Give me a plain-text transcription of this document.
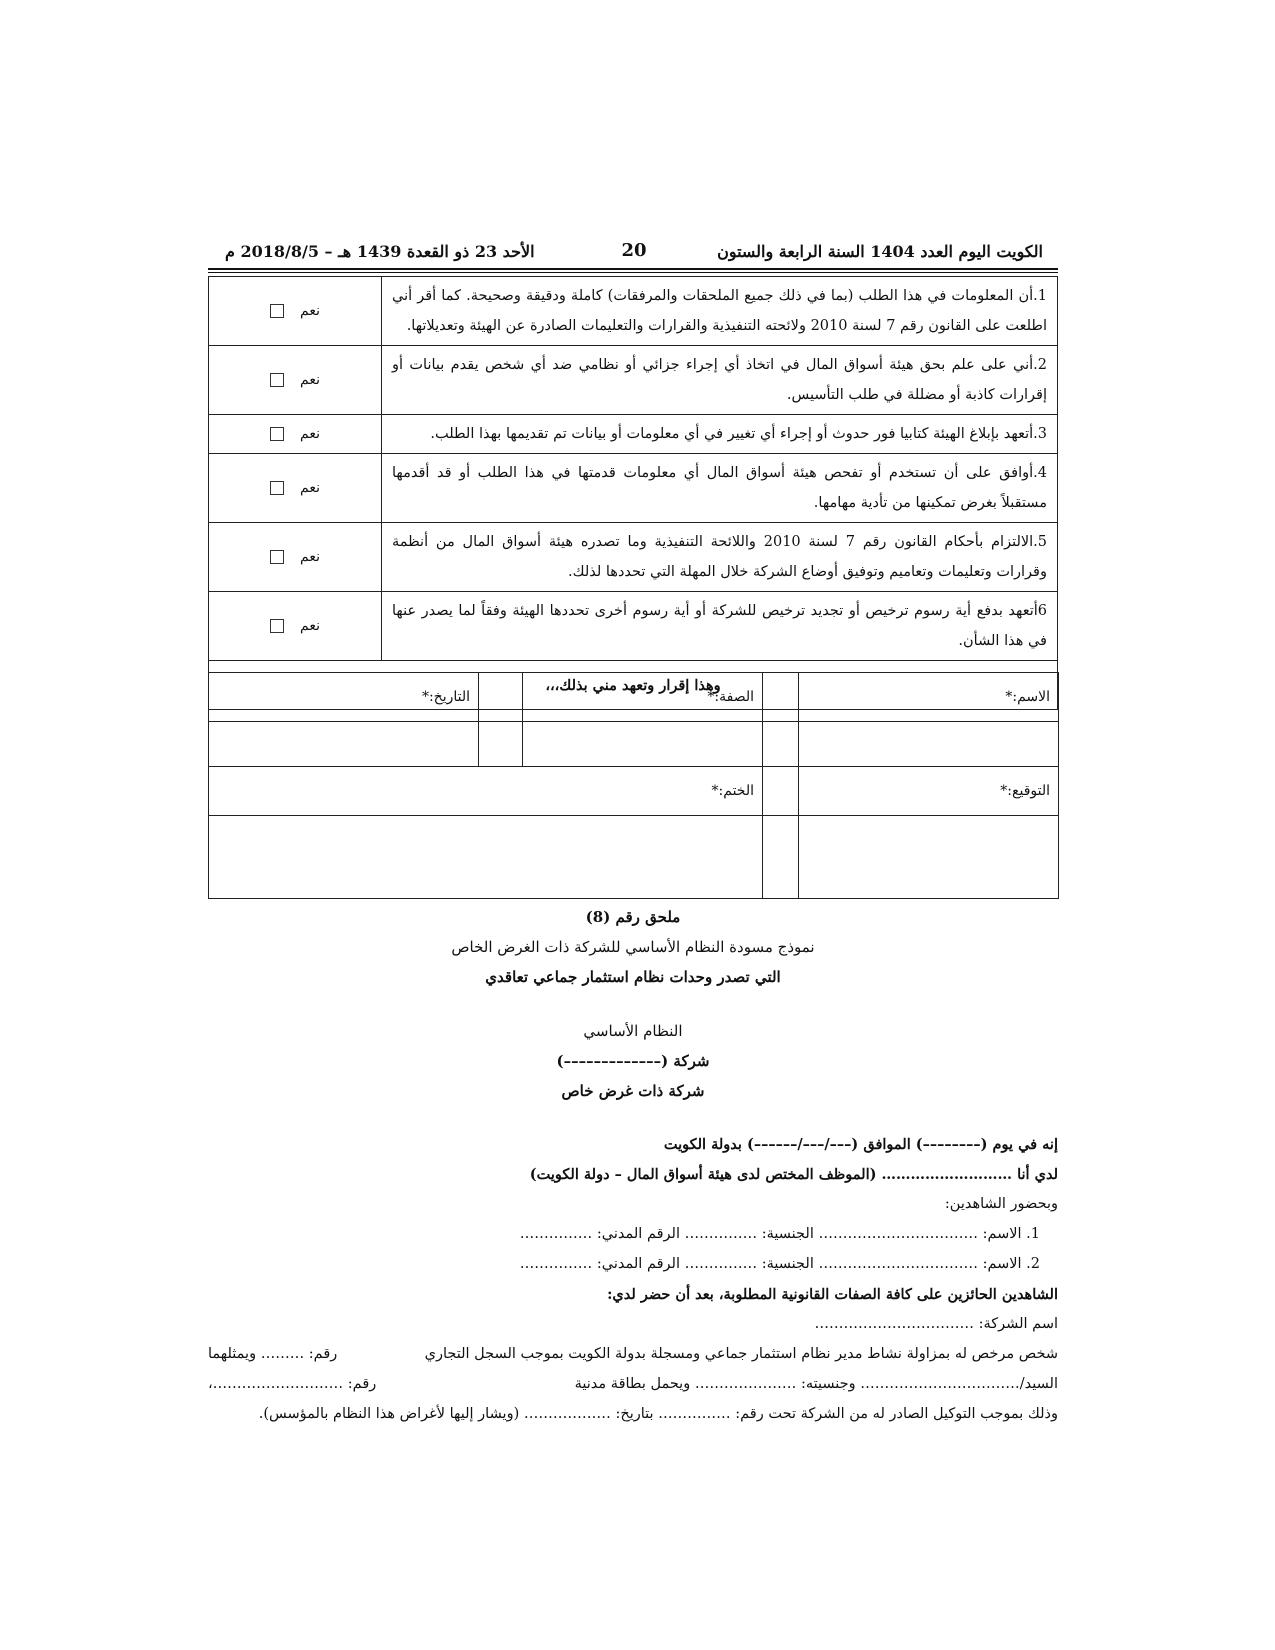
الكويت اليوم العدد 1404 السنة الرابعة والستون
20
الأحد 23 ذو القعدة 1439 هـ – 2018/8/5 م
1.أن المعلومات في هذا الطلب (بما في ذلك جميع الملحقات والمرفقات) كاملة ودقيقة وصحيحة. كما أقر أني اطلعت على القانون رقم 7 لسنة 2010 ولائحته التنفيذية والقرارات والتعليمات الصادرة عن الهيئة وتعديلاتها.	نعم

2.أني على علم بحق هيئة أسواق المال في اتخاذ أي إجراء جزائي أو نظامي ضد أي شخص يقدم بيانات أو إقرارات كاذبة أو مضللة في طلب التأسيس.	نعم

3.أتعهد بإبلاغ الهيئة كتابيا فور حدوث أو إجراء أي تغيير في أي معلومات أو بيانات تم تقديمها بهذا الطلب.	نعم

4.أوافق على أن تستخدم أو تفحص هيئة أسواق المال أي معلومات قدمتها في هذا الطلب أو قد أقدمها مستقبلاً بغرض تمكينها من تأدية مهامها.	نعم

5.الالتزام بأحكام القانون رقم 7 لسنة 2010 واللائحة التنفيذية وما تصدره هيئة أسواق المال من أنظمة وقرارات وتعليمات وتعاميم وتوفيق أوضاع الشركة خلال المهلة التي تحددها لذلك.	نعم

6أتعهد بدفع أية رسوم ترخيص أو تجديد ترخيص للشركة أو أية رسوم أخرى تحددها الهيئة وفقاً لما يصدر عنها في هذا الشأن.	نعم

وهذا إقرار وتعهد مني بذلك،،،	
الاسم:*		الصفة:*		التاريخ:*

التوقيع:*		الختم:*		

ملحق رقم (8)
نموذج مسودة النظام الأساسي للشركة ذات الغرض الخاص
التي تصدر وحدات نظام استثمار جماعي تعاقدي
النظام الأساسي
شركة (–––––––––––––)
شركة ذات غرض خاص
إنه في يوم (––––––––) الموافق (–––/–––/––––––) بدولة الكويت
لدي أنا ……………………… (الموظف المختص لدى هيئة أسواق المال – دولة الكويت)
وبحضور الشاهدين:
1. الاسم: …………………………… الجنسية: …………… الرقم المدني: ……………
2. الاسم: …………………………… الجنسية: …………… الرقم المدني: ……………
الشاهدين الحائزين على كافة الصفات القانونية المطلوبة، بعد أن حضر لدي:
اسم الشركة: ……………………………
شخص مرخص له بمزاولة نشاط مدير نظام استثمار جماعي ومسجلة بدولة الكويت بموجب السجل التجاري
رقم: ……… ويمثلهما
السيد/…………………………… وجنسيته: ………………… ويحمل بطاقة مدنية
رقم: ………………………،
وذلك بموجب التوكيل الصادر له من الشركة تحت رقم: …………… بتاريخ: ……………… (ويشار إليها لأغراض هذا النظام بالمؤسس).
